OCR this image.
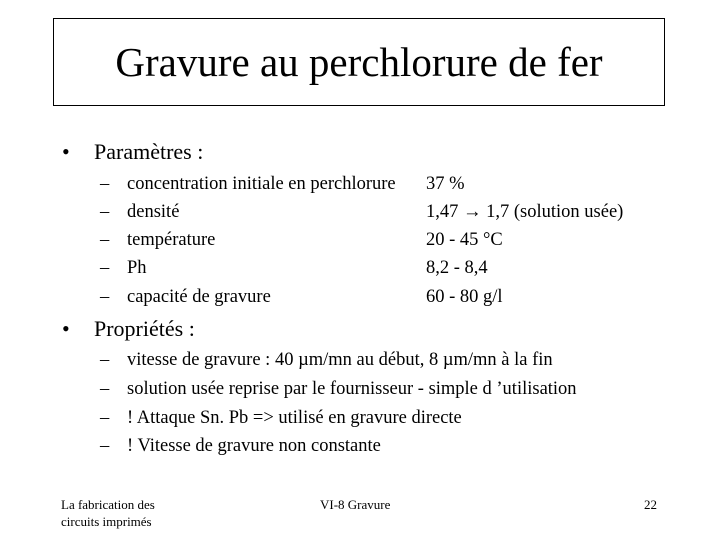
Gravure au perchlorure de fer
•	Paramètres :
– concentration initiale en perchlorure 37 %
– densité	1,47 → 1,7 (solution usée)
– température	20 - 45 °C
– Ph	8,2 - 8,4
– capacité de gravure	60 - 80 g/l
•	Propriétés :
– vitesse de gravure : 40 µm/mn au début, 8 µm/mn à la fin
– solution usée reprise par le fournisseur - simple d ’utilisation
– ! Attaque Sn. Pb => utilisé en gravure directe
– ! Vitesse de gravure non constante
La fabrication des
circuits imprimés
VI-8 Gravure	22
